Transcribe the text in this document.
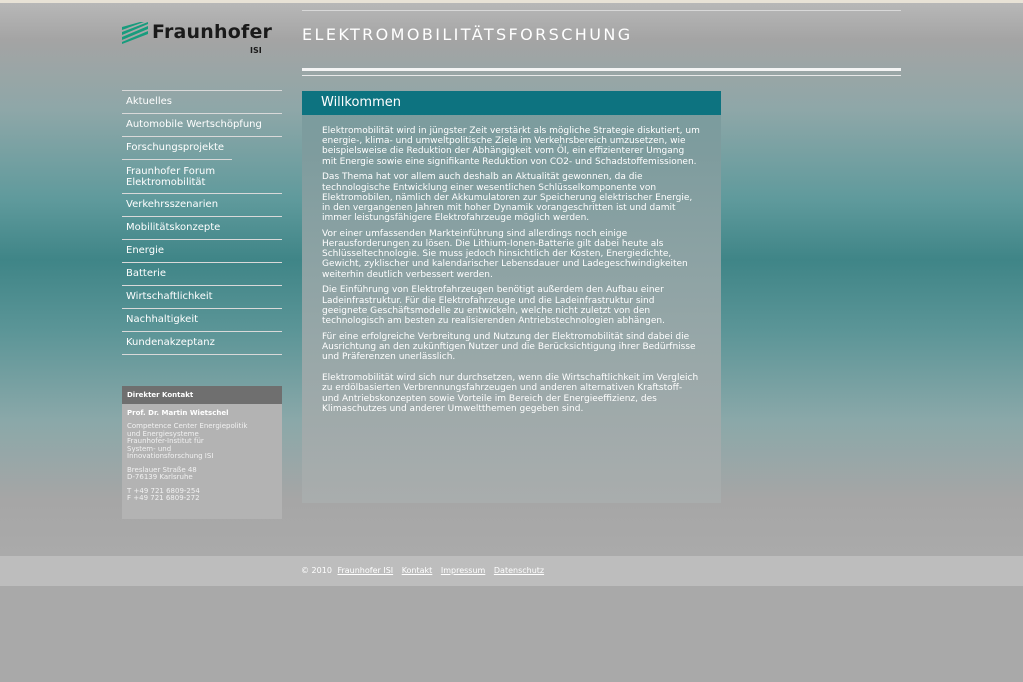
Fraunhofer
ISI
ELEKTROMOBILITÄTSFORSCHUNG
Aktuelles
Automobile Wertschöpfung
Forschungsprojekte
Fraunhofer Forum Elektromobilität
Verkehrsszenarien
Mobilitätskonzepte
Energie
Batterie
Wirtschaftlichkeit
Nachhaltigkeit
Kundenakzeptanz
Direkter Kontakt
Prof. Dr. Martin Wietschel
Competence Center Energiepolitik
und Energiesysteme
Fraunhofer-Institut für
System- und
Innovationsforschung ISI
Breslauer Straße 48
D-76139 Karlsruhe
T +49 721 6809-254
F +49 721 6809-272
Willkommen

Elektromobilität wird in jüngster Zeit verstärkt als mögliche Strategie diskutiert, um energie-, klima- und umweltpolitische Ziele im Verkehrsbereich umzusetzen, wie beispielsweise die Reduktion der Abhängigkeit vom Öl, ein effizienterer Umgang mit Energie sowie eine signifikante Reduktion von CO2- und Schadstoffemissionen.

Das Thema hat vor allem auch deshalb an Aktualität gewonnen, da die technologische Entwicklung einer wesentlichen Schlüsselkomponente von Elektromobilen, nämlich der Akkumulatoren zur Speicherung elektrischer Energie, in den vergangenen Jahren mit hoher Dynamik vorangeschritten ist und damit immer leistungsfähigere Elektrofahrzeuge möglich werden.

Vor einer umfassenden Markteinführung sind allerdings noch einige Herausforderungen zu lösen. Die Lithium-Ionen-Batterie gilt dabei heute als Schlüsseltechnologie. Sie muss jedoch hinsichtlich der Kosten, Energiedichte, Gewicht, zyklischer und kalendarischer Lebensdauer und Ladegeschwindigkeiten weiterhin deutlich verbessert werden.

Die Einführung von Elektrofahrzeugen benötigt außerdem den Aufbau einer Ladeinfrastruktur. Für die Elektrofahrzeuge und die Ladeinfrastruktur sind geeignete Geschäftsmodelle zu entwickeln, welche nicht zuletzt von den technologisch am besten zu realisierenden Antriebstechnologien abhängen.

Für eine erfolgreiche Verbreitung und Nutzung der Elektromobilität sind dabei die Ausrichtung an den zukünftigen Nutzer und die Berücksichtigung ihrer Bedürfnisse und Präferenzen unerlässlich.

Elektromobilität wird sich nur durchsetzen, wenn die Wirtschaftlichkeit im Vergleich zu erdölbasierten Verbrennungsfahrzeugen und anderen alternativen Kraftstoff- und Antriebskonzepten sowie Vorteile im Bereich der Energieeffizienz, des Klimaschutzes und anderer Umweltthemen gegeben sind.

© 2010 Fraunhofer ISI Kontakt Impressum Datenschutz
